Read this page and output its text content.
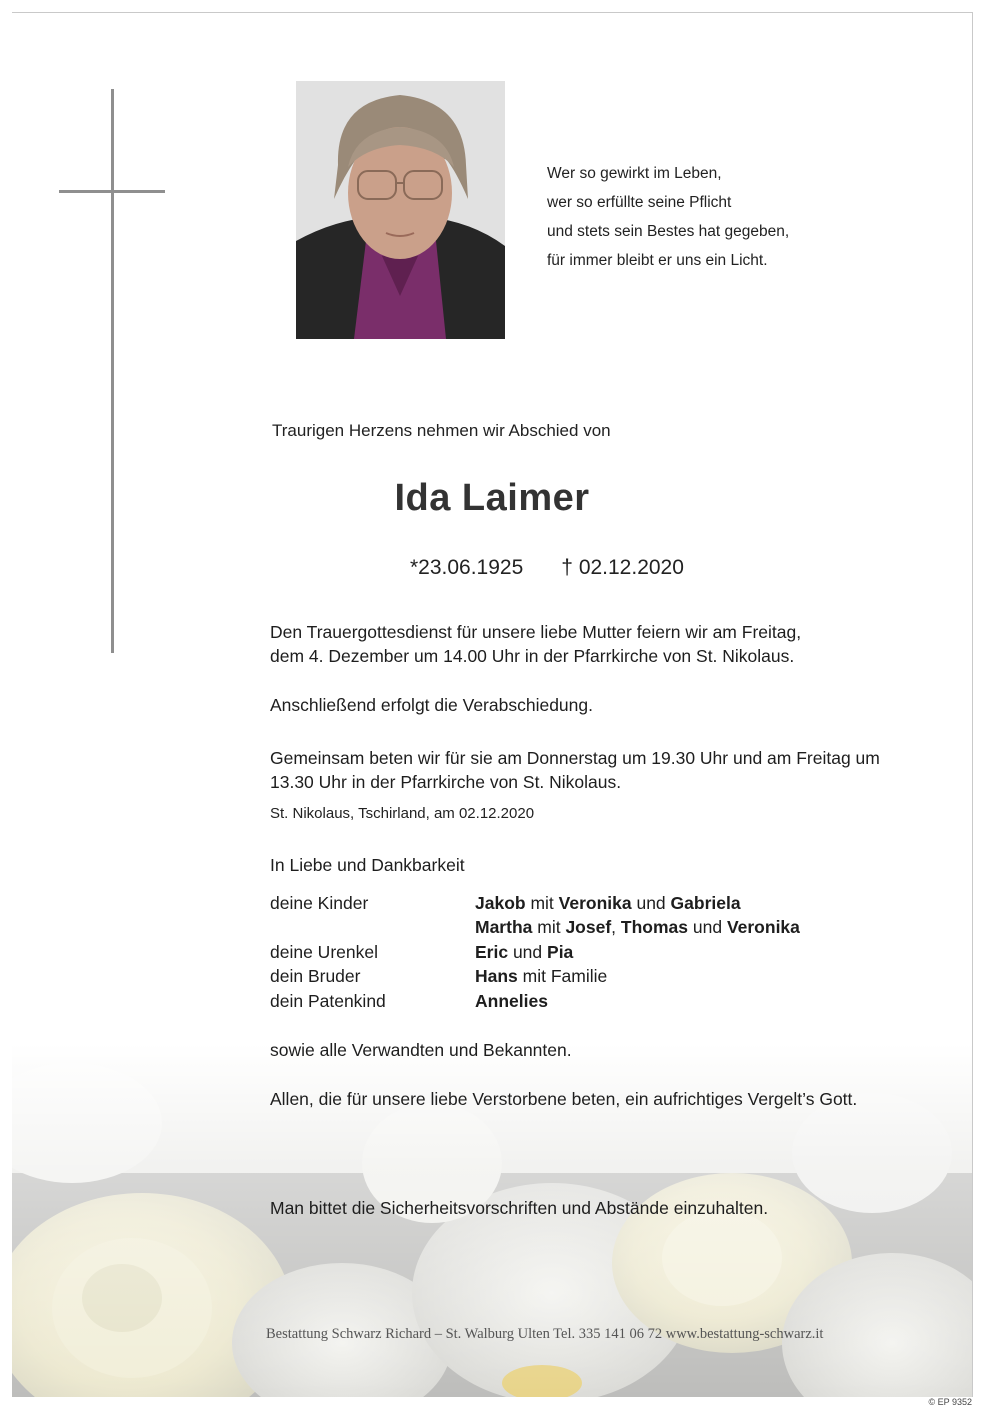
Wer so gewirkt im Leben,
wer so erfüllte seine Pflicht
und stets sein Bestes hat gegeben,
für immer bleibt er uns ein Licht.
Traurigen Herzens nehmen wir Abschied von
Ida Laimer
*23.06.1925 † 02.12.2020
Den Trauergottesdienst für unsere liebe Mutter feiern wir am Freitag,
dem 4. Dezember um 14.00 Uhr in der Pfarrkirche von St. Nikolaus.
Anschließend erfolgt die Verabschiedung.
Gemeinsam beten wir für sie am Donnerstag um 19.30 Uhr und am Freitag um
13.30 Uhr in der Pfarrkirche von St. Nikolaus.
St. Nikolaus, Tschirland, am 02.12.2020
In Liebe und Dankbarkeit
deine Kinder	Jakob mit Veronika und Gabriela
Martha mit Josef, Thomas und Veronika
deine Urenkel	Eric und Pia
dein Bruder	Hans mit Familie
dein Patenkind	Annelies
sowie alle Verwandten und Bekannten.
Allen, die für unsere liebe Verstorbene beten, ein aufrichtiges Vergelt’s Gott.
Man bittet die Sicherheitsvorschriften und Abstände einzuhalten.
Bestattung Schwarz Richard – St. Walburg Ulten Tel. 335 141 06 72 www.bestattung-schwarz.it
© EP 9352
